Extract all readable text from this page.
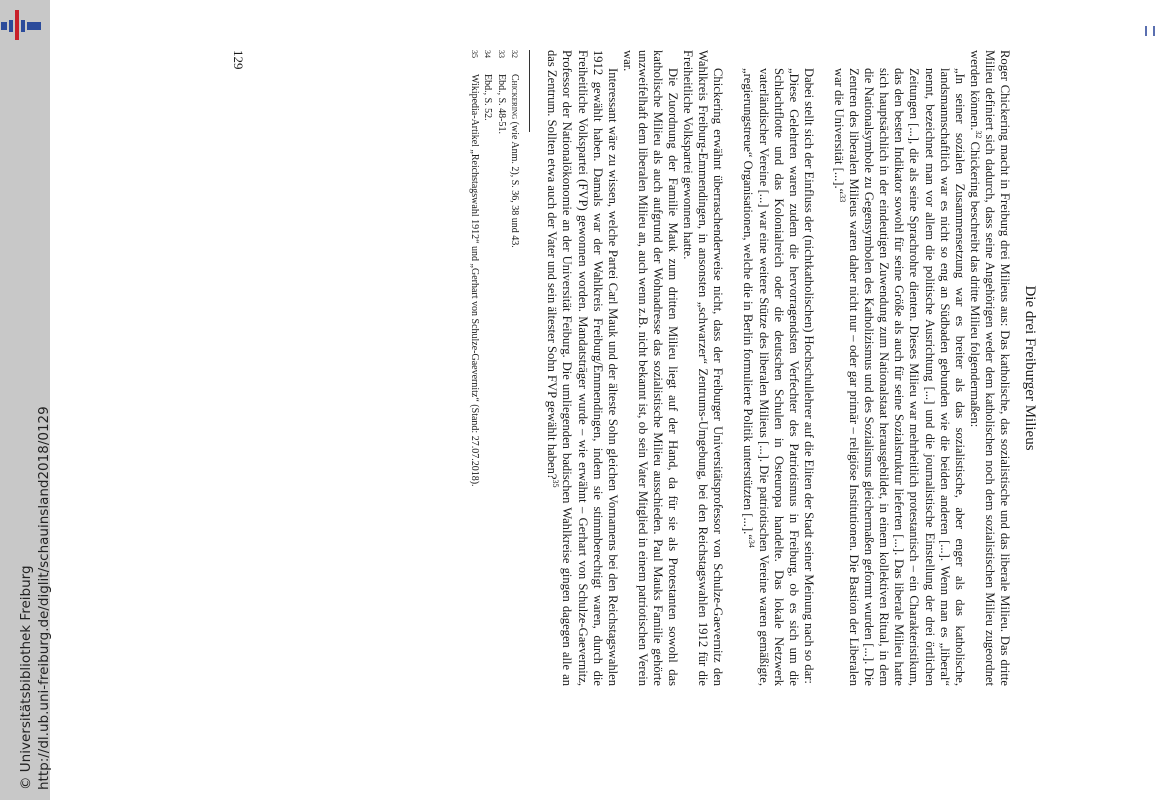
http://dl.ub.uni-freiburg.de/diglit/schauinsland2018/0129
© Universitätsbibliothek Freiburg
Die drei Freiburger Milieus

Roger Chickering macht in Freiburg drei Milieus aus: Das katholische, das sozialistische und das liberale Milieu. Das dritte Milieu definiert sich dadurch, dass seine Angehörigen weder dem katholischen noch dem sozialistischen Milieu zugeordnet werden können.$^{32}$ Chickering beschreibt das dritte Milieu folgendermaßen:

„In seiner sozialen Zusammensetzung war es breiter als das sozialistische, aber enger als das katholische, landsmannschaftlich war es nicht so eng an Südbaden gebunden wie die beiden anderen [...]. Wenn man es „liberal“ nennt, bezeichnet man vor allem die politische Ausrichtung [...] und die journalistische Einstellung der drei örtlichen Zeitungen [...], die als seine Sprachrohre dienten. Dieses Milieu war mehrheitlich protestantisch – ein Charakteristikum, das den besten Indikator sowohl für seine Größe als auch für seine Sozialstruktur lieferten [...]. Das liberale Milieu hatte sich hauptsächlich in der eindeutigen Zuwendung zum Nationalstaat herausgebildet, in einem kollektiven Ritual, in dem die Nationalsymbole zu Gegensymbolen des Katholizismus und des Sozialismus gleichermaßen geformt wurden [...]. Die Zentren des liberalen Milieus waren daher nicht nur – oder gar primär – religiöse Institutionen. Die Bastion der Liberalen war die Universität [...].“$^{33}$

Dabei stellt sich der Einfluss der (nichtkatholischen) Hochschullehrer auf die Eliten der Stadt seiner Meinung nach so dar:

„Diese Gelehrten waren zudem die hervorragendsten Verfechter des Patriotismus in Freiburg, ob es sich um die Schlachtflotte und das Kolonialreich oder die deutschen Schulen in Osteuropa handelte. Das lokale Netzwerk vaterländischer Vereine [...] war eine weitere Stütze des liberalen Milieus [...]. Die patriotischen Vereine waren gemäßigte, „regierungstreue“ Organisationen, welche die in Berlin formulierte Politik unterstützten [...].“$^{34}$

Chickering erwähnt überraschenderweise nicht, dass der Freiburger Universitätsprofessor von Schulze-Gaevernitz den Wahlkreis Freiburg-Emmendingen, in ansonsten „schwarzer“ Zentrums-Umgebung, bei den Reichstagswahlen 1912 für die Freiheitliche Volkspartei gewonnen hatte.

Die Zuordnung der Familie Mauk zum dritten Milieu liegt auf der Hand, da für sie als Protestanten sowohl das katholische Milieu als auch aufgrund der Wohnadresse das sozialistische Milieu ausschieden. Paul Mauks Familie gehörte unzweifelhaft dem liberalen Milieu an, auch wenn z.B. nicht bekannt ist, ob sein Vater Mitglied in einem patriotischen Verein war.

Interessant wäre zu wissen, welche Partei Carl Mauk und der älteste Sohn gleichen Vornamens bei den Reichstagswahlen 1912 gewählt haben. Damals war der Wahlkreis Freiburg/Emmendingen, indem sie stimmberechtigt waren, durch die Freiheitliche Volkspartei (FVP) gewonnen worden. Mandatsträger wurde – wie erwähnt – Gerhart von Schulze-Gaevernitz, Professor der Nationalökonomie an der Universität Feiburg. Die umliegenden badischen Wahlkreise gingen dagegen alle an das Zentrum. Sollten etwa auch der Vater und sein ältester Sohn FVP gewählt haben?$^{35}$

32
Chickering (wie Anm. 2), S. 36, 38 und 43.

33
Ebd., S. 48-51.

34
Ebd., S. 52.

35
Wikipedia-Artikel „Reichstagswahl 1912“ und „Gerhart von Schulze-Gaevernitz“ (Stand: 27.07.2018).

129
